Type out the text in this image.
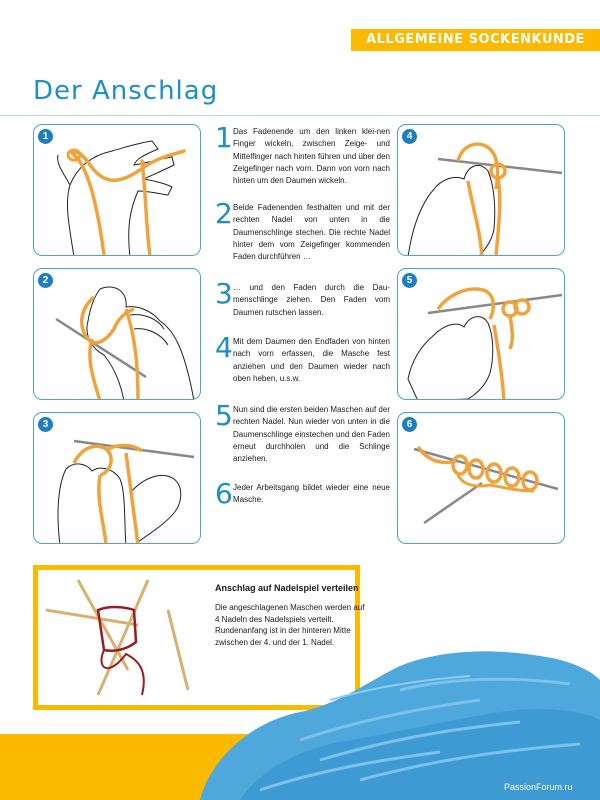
ALLGEMEINE SOCKENKUNDE
Der Anschlag
1
2
3
4
5
6
1 Das Fadenende um den linken klei-nen Finger wickeln, zwischen Zeige- und Mittelfinger nach hinten führen und über den Zeigefinger nach vorn. Dann von vorn nach hinten um den Daumen wickeln.
2 Beide Fadenenden festhalten und mit der rechten Nadel von unten in die Daumenschlinge stechen. Die rechte Nadel hinter dem vom Zeigefinger kommenden Faden durchführen …
3 … und den Faden durch die Dau-menschlinge ziehen. Den Faden vom Daumen rutschen lassen.
4 Mit dem Daumen den Endfaden von hinten nach vorn erfassen, die Masche fest anziehen und den Daumen wieder nach oben heben, u.s.w.
5 Nun sind die ersten beiden Maschen auf der rechten Nadel. Nun wieder von unten in die Daumenschlinge einstechen und den Faden erneut durchholen und die Schlinge anziehen.
6 Jeder Arbeitsgang bildet wieder eine neue Masche.
Anschlag auf Nadelspiel verteilen
Die angeschlagenen Maschen werden auf 4 Nadeln des Nadelspiels verteilt. Rundenanfang ist in der hinteren Mitte zwischen der 4. und der 1. Nadel.
PassionForum.ru
